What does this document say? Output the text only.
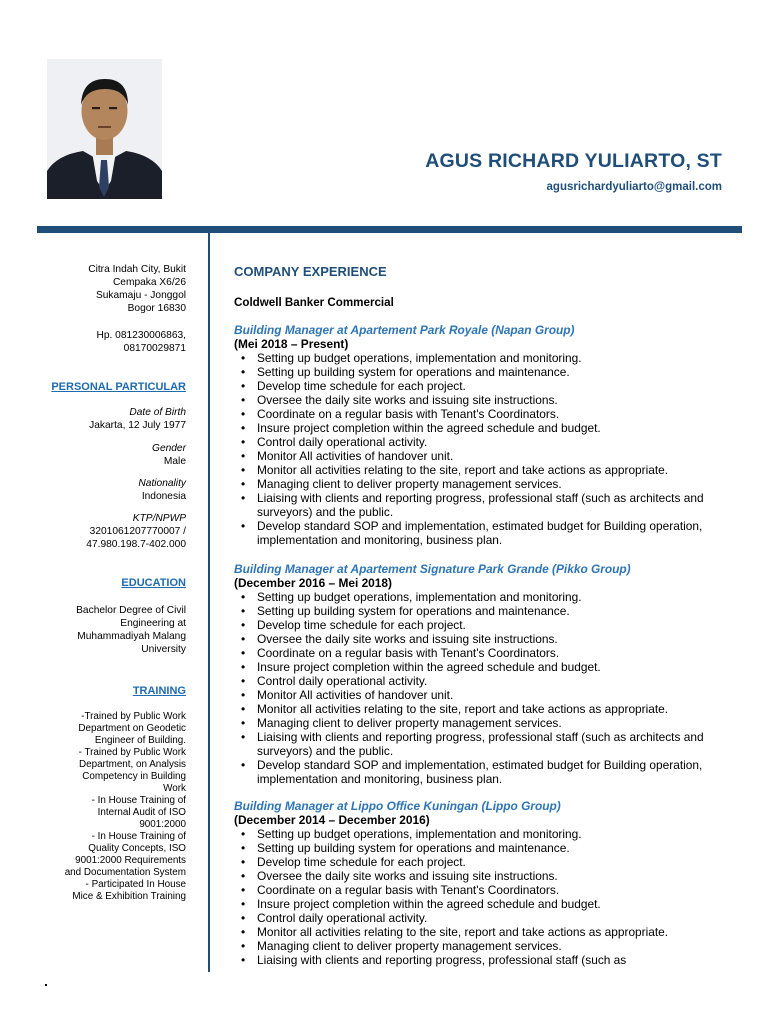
AGUS RICHARD YULIARTO, ST
agusrichardyuliarto@gmail.com

Citra Indah City, Bukit

Cempaka X6/26

Sukamaju - Jonggol

Bogor 16830

Hp. 081230006863,

08170029871

PERSONAL PARTICULAR

Date of Birth

Jakarta, 12 July 1977

Gender

Male

Nationality

Indonesia

KTP/NPWP

3201061207770007 /

47.980.198.7-402.000

EDUCATION

Bachelor Degree of Civil

Engineering at

Muhammadiyah Malang

University

TRAINING

-Trained by Public Work

Department on Geodetic

Engineer of Building.

- Trained by Public Work

Department, on Analysis

Competency in Building

Work

- In House Training of

Internal Audit of ISO

9001:2000

- In House Training of

Quality Concepts, ISO

9001:2000 Requirements

and Documentation System

- Participated In House

Mice & Exhibition Training

COMPANY EXPERIENCE
Coldwell Banker Commercial

Building Manager at Apartement Park Royale (Napan Group)

(Mei 2018 – Present)

• Setting up budget operations, implementation and monitoring.
• Setting up building system for operations and maintenance.
• Develop time schedule for each project.
• Oversee the daily site works and issuing site instructions.
• Coordinate on a regular basis with Tenant's Coordinators.
• Insure project completion within the agreed schedule and budget.
• Control daily operational activity.
• Monitor All activities of handover unit.
• Monitor all activities relating to the site, report and take actions as appropriate.
• Managing client to deliver property management services.
• Liaising with clients and reporting progress, professional staff (such as architects and surveyors) and the public.
• Develop standard SOP and implementation, estimated budget for Building operation, implementation and monitoring, business plan.

Building Manager at Apartement Signature Park Grande (Pikko Group)

(December 2016 – Mei 2018)

• Setting up budget operations, implementation and monitoring.
• Setting up building system for operations and maintenance.
• Develop time schedule for each project.
• Oversee the daily site works and issuing site instructions.
• Coordinate on a regular basis with Tenant's Coordinators.
• Insure project completion within the agreed schedule and budget.
• Control daily operational activity.
• Monitor All activities of handover unit.
• Monitor all activities relating to the site, report and take actions as appropriate.
• Managing client to deliver property management services.
• Liaising with clients and reporting progress, professional staff (such as architects and surveyors) and the public.
• Develop standard SOP and implementation, estimated budget for Building operation, implementation and monitoring, business plan.

Building Manager at Lippo Office Kuningan (Lippo Group)

(December 2014 – December 2016)

• Setting up budget operations, implementation and monitoring.
• Setting up building system for operations and maintenance.
• Develop time schedule for each project.
• Oversee the daily site works and issuing site instructions.
• Coordinate on a regular basis with Tenant's Coordinators.
• Insure project completion within the agreed schedule and budget.
• Control daily operational activity.
• Monitor all activities relating to the site, report and take actions as appropriate.
• Managing client to deliver property management services.
• Liaising with clients and reporting progress, professional staff (such as
